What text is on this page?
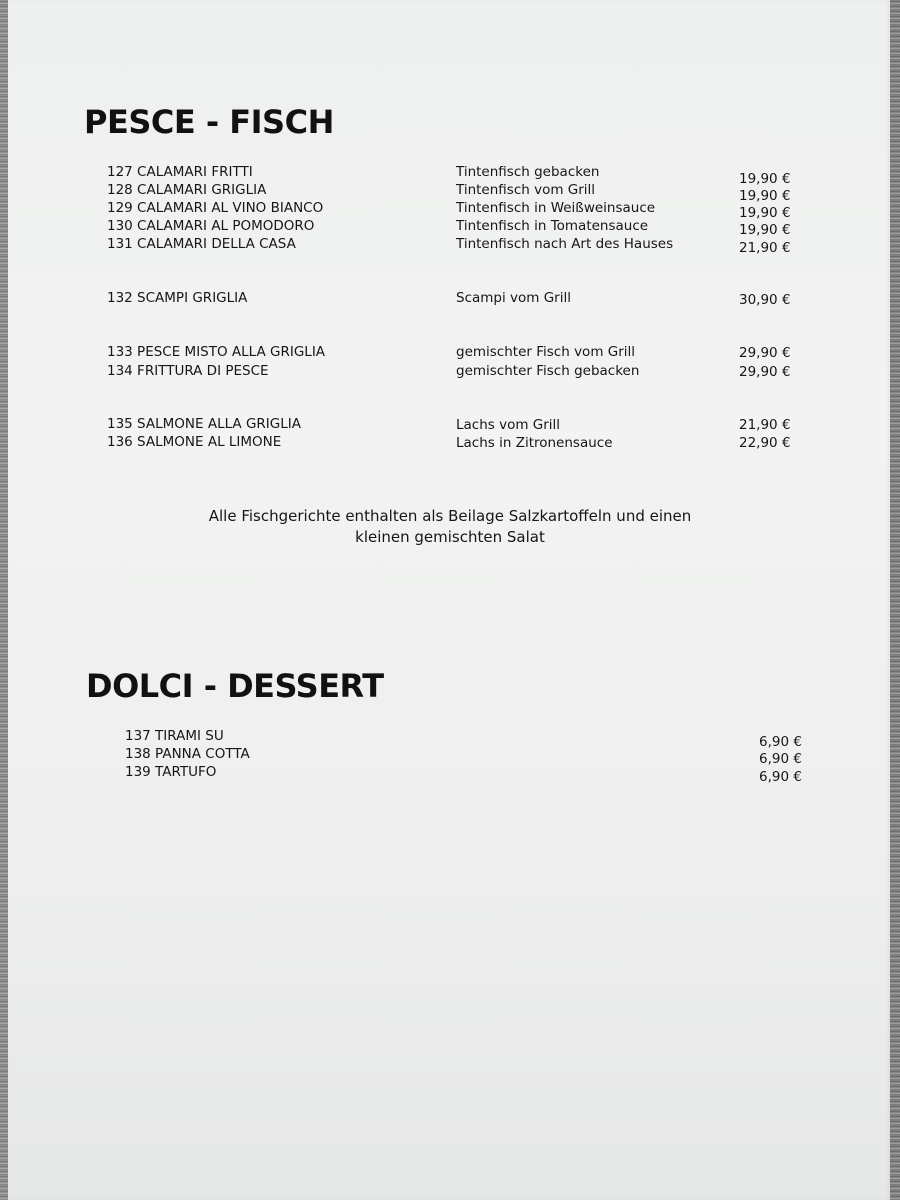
PESCE - FISCH
127 CALAMARI FRITTI	Tintenfisch gebacken	19,90 €
128 CALAMARI GRIGLIA	Tintenfisch vom Grill	19,90 €
129 CALAMARI AL VINO BIANCO	Tintenfisch in Weißweinsauce	19,90 €
130 CALAMARI AL POMODORO	Tintenfisch in Tomatensauce	19,90 €
131 CALAMARI DELLA CASA	Tintenfisch nach Art des Hauses	21,90 €
132 SCAMPI GRIGLIA	Scampi vom Grill	30,90 €
133 PESCE MISTO ALLA GRIGLIA	gemischter Fisch vom Grill	29,90 €
134 FRITTURA DI PESCE	gemischter Fisch gebacken	29,90 €
135 SALMONE ALLA GRIGLIA	Lachs vom Grill	21,90 €
136 SALMONE AL LIMONE	Lachs in Zitronensauce	22,90 €

Alle Fischgerichte enthalten als Beilage Salzkartoffeln und einen
kleinen gemischten Salat

DOLCI - DESSERT
137 TIRAMI SU	6,90 €
138 PANNA COTTA	6,90 €
139 TARTUFO	6,90 €
